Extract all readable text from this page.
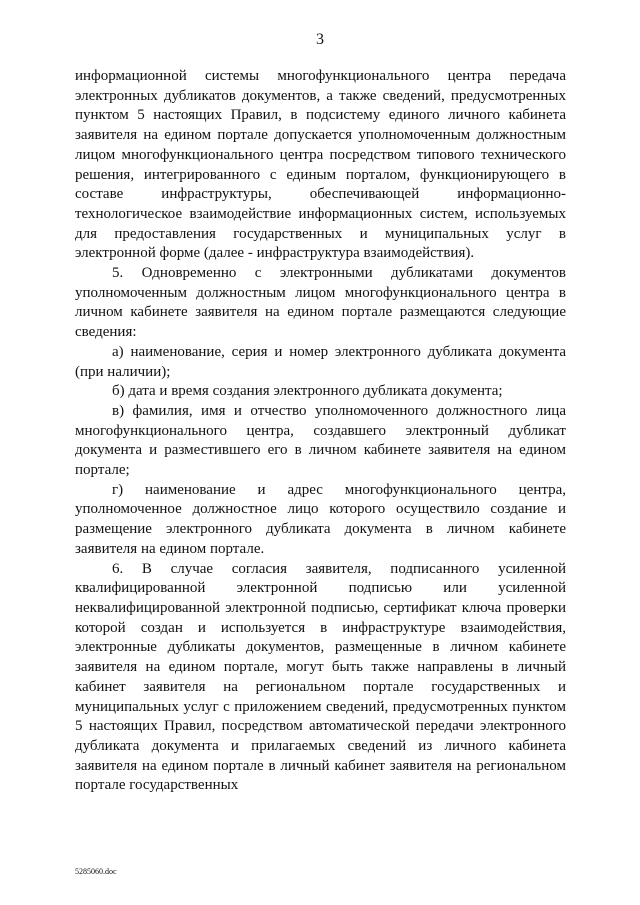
3

информационной системы многофункционального центра передача электронных дубликатов документов, а также сведений, предусмотренных пунктом 5 настоящих Правил, в подсистему единого личного кабинета заявителя на едином портале допускается уполномоченным должностным лицом многофункционального центра посредством типового технического решения, интегрированного с единым порталом, функционирующего в составе инфраструктуры, обеспечивающей информационно-технологическое взаимодействие информационных систем, используемых для предоставления государственных и муниципальных услуг в электронной форме (далее - инфраструктура взаимодействия).

5. Одновременно с электронными дубликатами документов уполномоченным должностным лицом многофункционального центра в личном кабинете заявителя на едином портале размещаются следующие сведения:

а) наименование, серия и номер электронного дубликата документа (при наличии);

б) дата и время создания электронного дубликата документа;

в) фамилия, имя и отчество уполномоченного должностного лица многофункционального центра, создавшего электронный дубликат документа и разместившего его в личном кабинете заявителя на едином портале;

г) наименование и адрес многофункционального центра, уполномоченное должностное лицо которого осуществило создание и размещение электронного дубликата документа в личном кабинете заявителя на едином портале.

6. В случае согласия заявителя, подписанного усиленной квалифицированной электронной подписью или усиленной неквалифицированной электронной подписью, сертификат ключа проверки которой создан и используется в инфраструктуре взаимодействия, электронные дубликаты документов, размещенные в личном кабинете заявителя на едином портале, могут быть также направлены в личный кабинет заявителя на региональном портале государственных и муниципальных услуг с приложением сведений, предусмотренных пунктом 5 настоящих Правил, посредством автоматической передачи электронного дубликата документа и прилагаемых сведений из личного кабинета заявителя на едином портале в личный кабинет заявителя на региональном портале государственных

5285060.doc
